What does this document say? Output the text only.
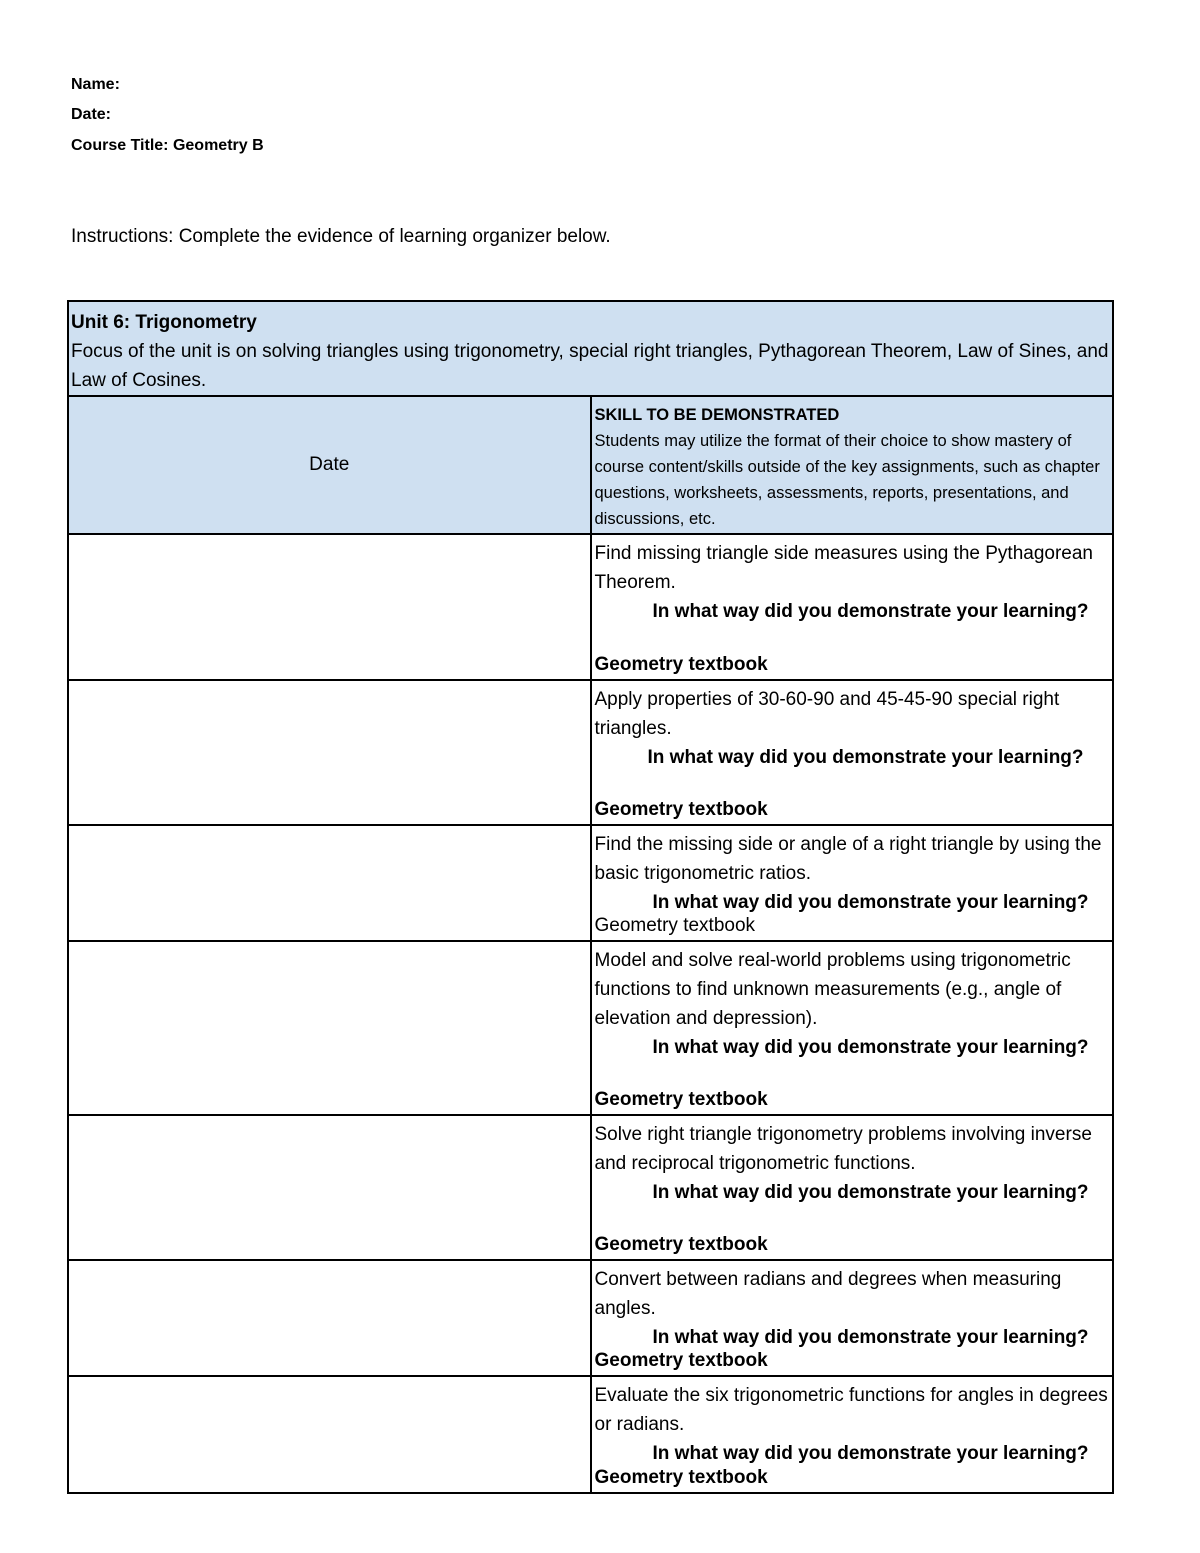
Name:
Date:
Course Title: Geometry B
Instructions: Complete the evidence of learning organizer below.
Unit 6: Trigonometry
Focus of the unit is on solving triangles using trigonometry, special right triangles, Pythagorean Theorem, Law of Sines, and Law of Cosines.	

Date	SKILL TO BE DEMONSTRATED
Students may utilize the format of their choice to show mastery of course content/skills outside of the key assignments, such as chapter questions, worksheets, assessments, reports, presentations, and discussions, etc.

	Find missing triangle side measures using the Pythagorean Theorem.
In what way did you demonstrate your learning?
Geometry textbook

	Apply properties of 30-60-90 and 45-45-90 special right triangles.
In what way did you demonstrate your learning?
Geometry textbook

	Find the missing side or angle of a right triangle by using the basic trigonometric ratios.
In what way did you demonstrate your learning?
Geometry textbook

	Model and solve real-world problems using trigonometric functions to find unknown measurements (e.g., angle of elevation and depression).
In what way did you demonstrate your learning?
Geometry textbook

	Solve right triangle trigonometry problems involving inverse and reciprocal trigonometric functions.
In what way did you demonstrate your learning?
Geometry textbook

	Convert between radians and degrees when measuring angles.
In what way did you demonstrate your learning?
Geometry textbook

	Evaluate the six trigonometric functions for angles in degrees or radians.
In what way did you demonstrate your learning?
Geometry textbook
